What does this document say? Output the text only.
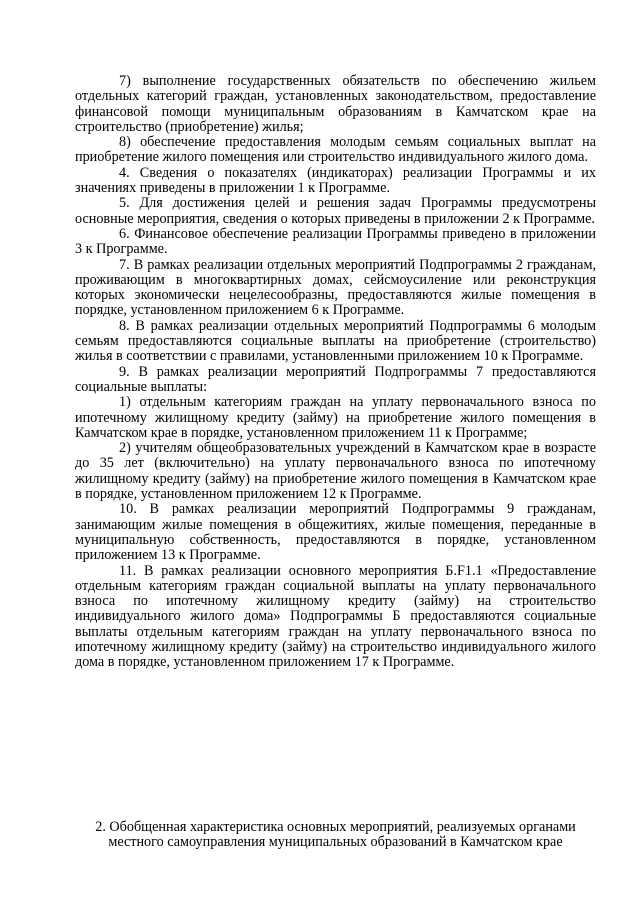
7) выполнение государственных обязательств по обеспечению жильем отдельных категорий граждан, установленных законодательством, предоставление финансовой помощи муниципальным образованиям в Камчатском крае на строительство (приобретение) жилья;

8) обеспечение предоставления молодым семьям социальных выплат на приобретение жилого помещения или строительство индивидуального жилого дома.

4. Сведения о показателях (индикаторах) реализации Программы и их значениях приведены в приложении 1 к Программе.

5. Для достижения целей и решения задач Программы предусмотрены основные мероприятия, сведения о которых приведены в приложении 2 к Программе.

6. Финансовое обеспечение реализации Программы приведено в приложении 3 к Программе.

7. В рамках реализации отдельных мероприятий Подпрограммы 2 гражданам, проживающим в многоквартирных домах, сейсмоусиление или реконструкция которых экономически нецелесообразны, предоставляются жилые помещения в порядке, установленном приложением 6 к Программе.

8. В рамках реализации отдельных мероприятий Подпрограммы 6 молодым семьям предоставляются социальные выплаты на приобретение (строительство) жилья в соответствии с правилами, установленными приложением 10 к Программе.

9. В рамках реализации мероприятий Подпрограммы 7 предоставляются социальные выплаты:

1) отдельным категориям граждан на уплату первоначального взноса по ипотечному жилищному кредиту (займу) на приобретение жилого помещения в Камчатском крае в порядке, установленном приложением 11 к Программе;

2) учителям общеобразовательных учреждений в Камчатском крае в возрасте до 35 лет (включительно) на уплату первоначального взноса по ипотечному жилищному кредиту (займу) на приобретение жилого помещения в Камчатском крае в порядке, установленном приложением 12 к Программе.

10. В рамках реализации мероприятий Подпрограммы 9 гражданам, занимающим жилые помещения в общежитиях, жилые помещения, переданные в муниципальную собственность, предоставляются в порядке, установленном приложением 13 к Программе.

11. В рамках реализации основного мероприятия Б.F1.1 «Предоставление отдельным категориям граждан социальной выплаты на уплату первоначального взноса по ипотечному жилищному кредиту (займу) на строительство индивидуального жилого дома» Подпрограммы Б предоставляются социальные выплаты отдельным категориям граждан на уплату первоначального взноса по ипотечному жилищному кредиту (займу) на строительство индивидуального жилого дома в порядке, установленном приложением 17 к Программе.

2. Обобщенная характеристика основных мероприятий, реализуемых органами местного самоуправления муниципальных образований в Камчатском крае
